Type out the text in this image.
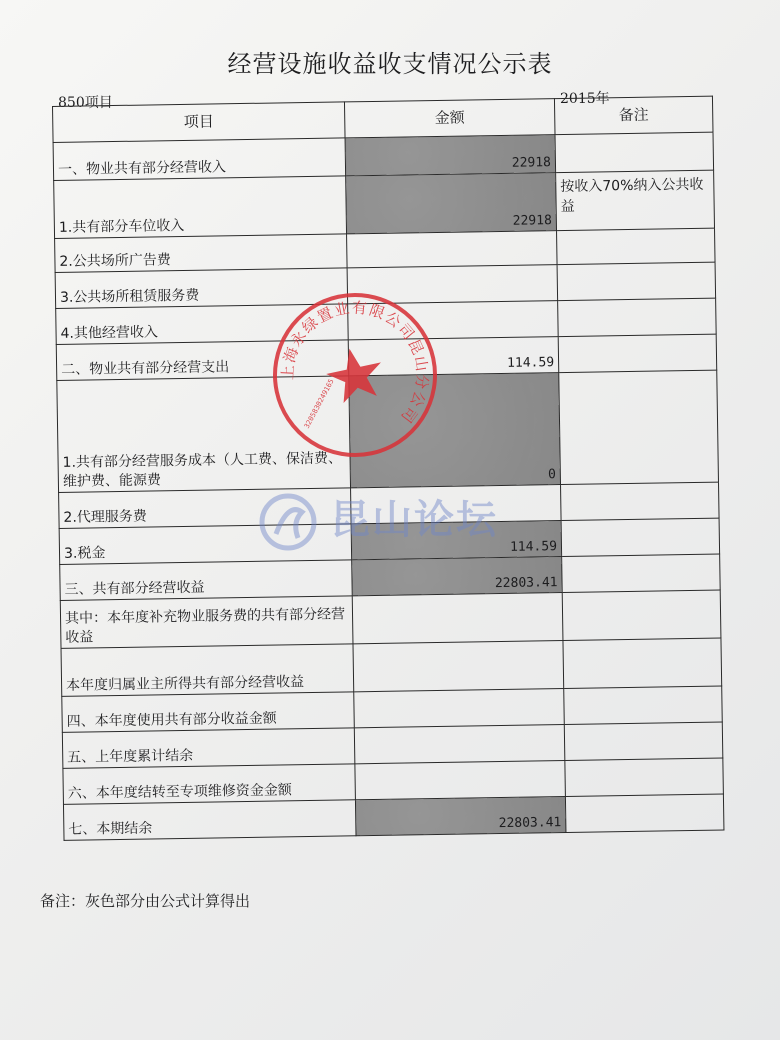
经营设施收益收支情况公示表
850项目	2015年
项目	金额	备注
一、物业共有部分经营收入	22918	
1.共有部分车位收入	22918	按收入70%纳入公共收益
2.公共场所广告费		
3.公共场所租赁服务费		
4.其他经营收入		
二、物业共有部分经营支出	114.59	
1.共有部分经营服务成本（人工费、保洁费、维护费、能源费	0	
2.代理服务费		
3.税金	114.59	
三、共有部分经营收益	22803.41	
其中：本年度补充物业服务费的共有部分经营收益		
本年度归属业主所得共有部分经营收益		
四、本年度使用共有部分收益金额		
五、上年度累计结余		
六、本年度结转至专项维修资金金额		
七、本期结余	22803.41	
上海永绿置业有限公司昆山分公司
3205830249165
昆山论坛
备注：灰色部分由公式计算得出
